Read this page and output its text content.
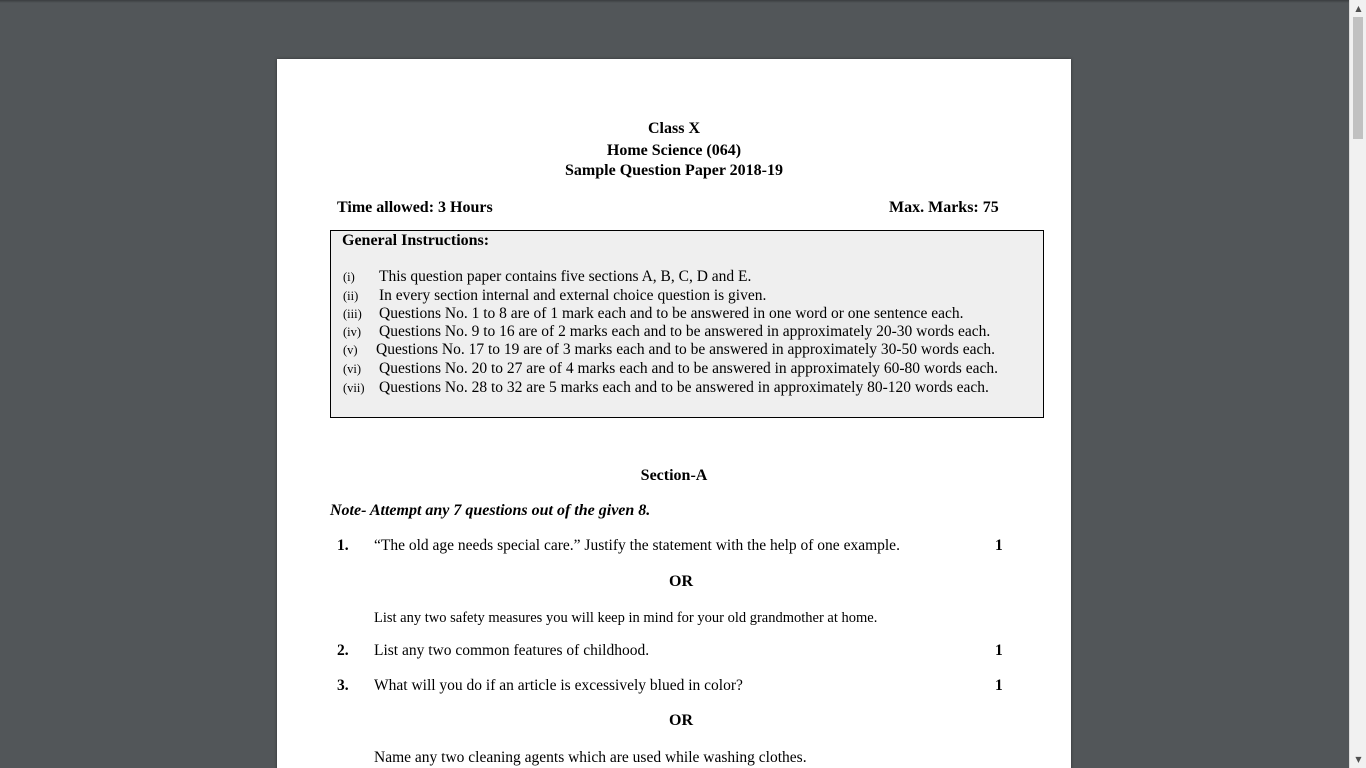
Class X
Home Science (064)
Sample Question Paper 2018-19
Time allowed: 3 Hours	Max. Marks: 75
General Instructions:
(i) This question paper contains five sections A, B, C, D and E.
(ii) In every section internal and external choice question is given.
(iii) Questions No. 1 to 8 are of 1 mark each and to be answered in one word or one sentence each.
(iv) Questions No. 9 to 16 are of 2 marks each and to be answered in approximately 20-30 words each.
(v) Questions No. 17 to 19 are of 3 marks each and to be answered in approximately 30-50 words each.
(vi) Questions No. 20 to 27 are of 4 marks each and to be answered in approximately 60-80 words each.
(vii) Questions No. 28 to 32 are 5 marks each and to be answered in approximately 80-120 words each.
Section-A
Note- Attempt any 7 questions out of the given 8.
1. “The old age needs special care.” Justify the statement with the help of one example.	1
OR
List any two safety measures you will keep in mind for your old grandmother at home.
2. List any two common features of childhood.	1
3. What will you do if an article is excessively blued in color?	1
OR
Name any two cleaning agents which are used while washing clothes.
▲
▼
